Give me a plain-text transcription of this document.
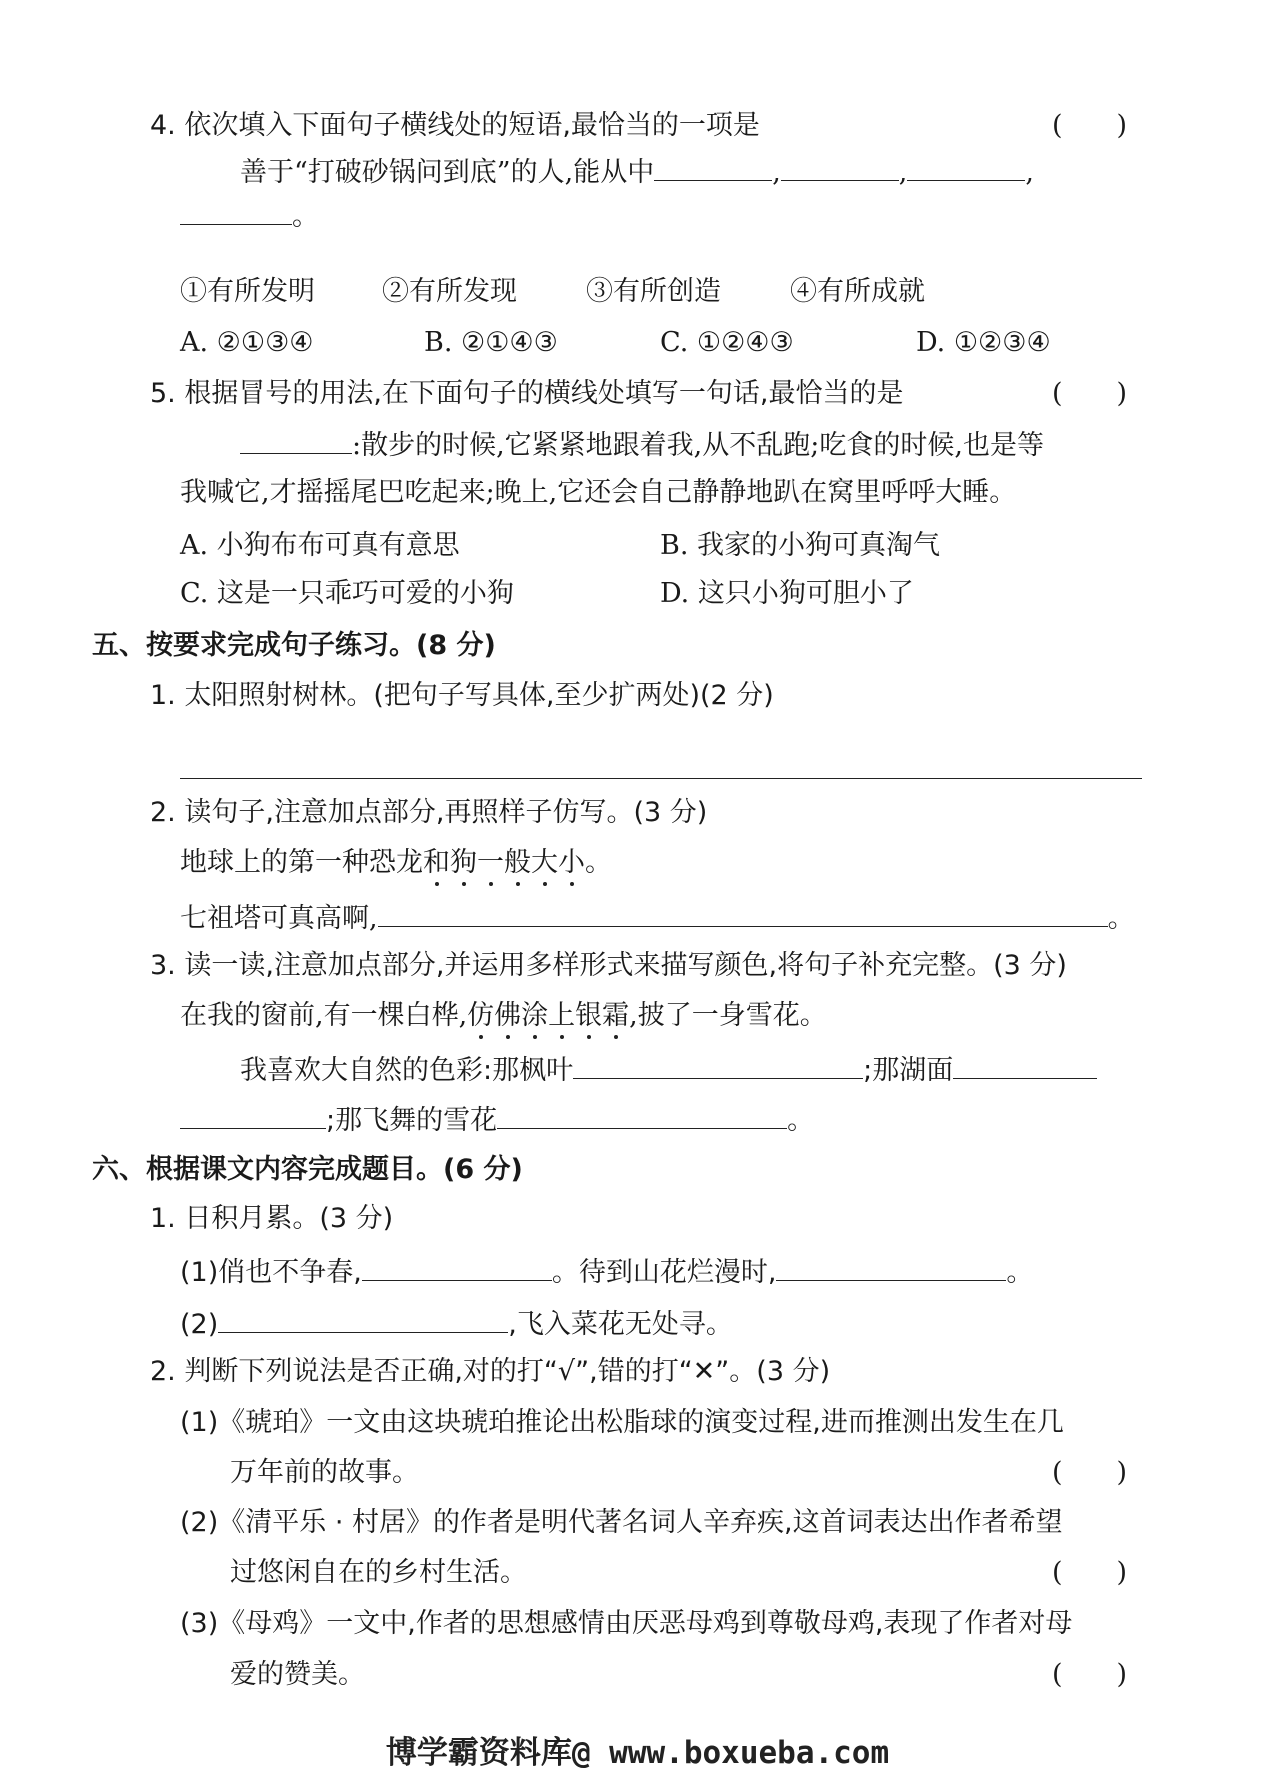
4. 依次填入下面句子横线处的短语,最恰当的一项是	( )
善于“打破砂锅问到底”的人,能从中	,	,	,
。
①有所发明 ②有所发现	③有所创造	④有所成就
A. ②①③④	B. ②①④③	C. ①②④③	D. ①②③④
5. 根据冒号的用法,在下面句子的横线处填写一句话,最恰当的是	( )
:散步的时候,它紧紧地跟着我,从不乱跑;吃食的时候,也是等
我喊它,才摇摇尾巴吃起来;晚上,它还会自己静静地趴在窝里呼呼大睡。
A. 小狗布布可真有意思	B. 我家的小狗可真淘气
C. 这是一只乖巧可爱的小狗	D. 这只小狗可胆小了
五、按要求完成句子练习。(8 分)
1. 太阳照射树林。(把句子写具体,至少扩两处)(2 分)
2. 读句子,注意加点部分,再照样子仿写。(3 分)
地球上的第一种恐龙和狗一般大小。
七祖塔可真高啊,	。
3. 读一读,注意加点部分,并运用多样形式来描写颜色,将句子补充完整。(3 分)
在我的窗前,有一棵白桦,仿佛涂上银霜,披了一身雪花。
我喜欢大自然的色彩:那枫叶	;那湖面
;那飞舞的雪花	。
六、根据课文内容完成题目。(6 分)
1. 日积月累。(3 分)
(1)俏也不争春,	。待到山花烂漫时,	。
(2)	,飞入菜花无处寻。
2. 判断下列说法是否正确,对的打“√”,错的打“✕”。(3 分)
(1)《琥珀》一文由这块琥珀推论出松脂球的演变过程,进而推测出发生在几
万年前的故事。	( )
(2)《清平乐 · 村居》的作者是明代著名词人辛弃疾,这首词表达出作者希望
过悠闲自在的乡村生活。	( )
(3)《母鸡》一文中,作者的思想感情由厌恶母鸡到尊敬母鸡,表现了作者对母
爱的赞美。	( )
博学霸资料库@ www.boxueba.com
